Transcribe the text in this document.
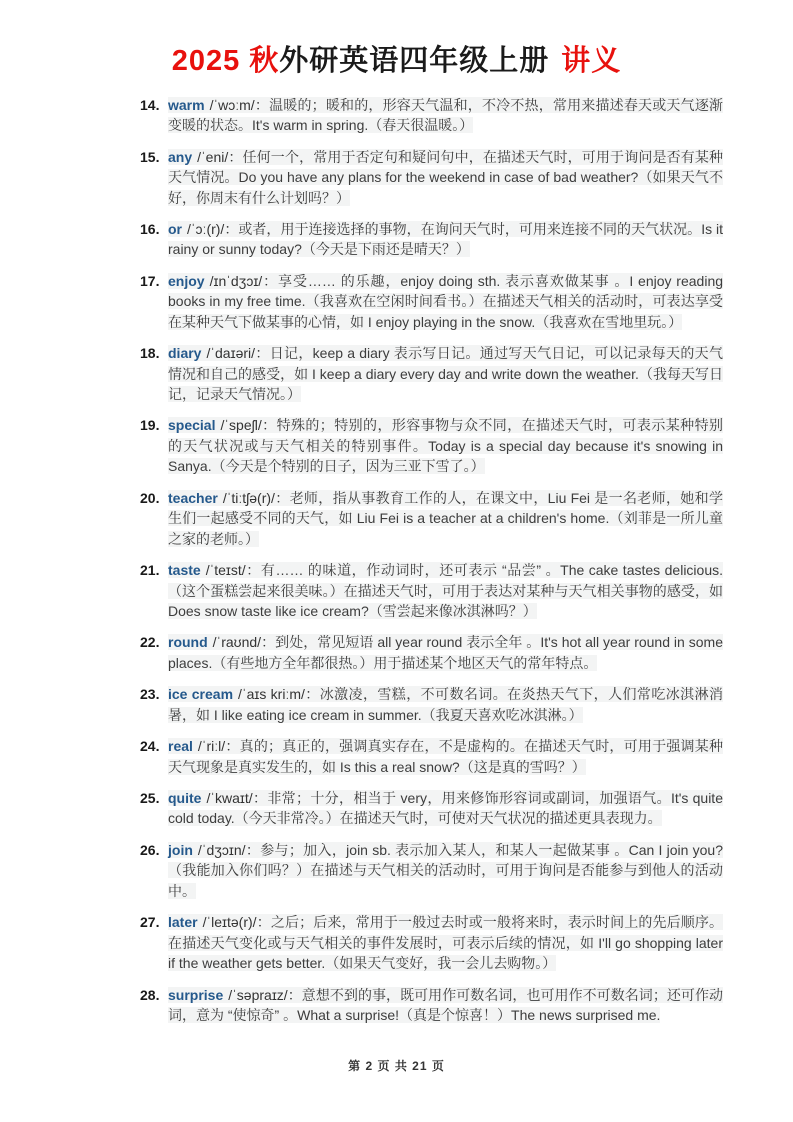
2025 秋外研英语四年级上册 讲义
14. warm /ˈwɔːm/：温暖的；暖和的，形容天气温和，不冷不热，常用来描述春天或天气逐渐变暖的状态。It's warm in spring.（春天很温暖。）
15. any /ˈeni/：任何一个，常用于否定句和疑问句中，在描述天气时，可用于询问是否有某种天气情况。Do you have any plans for the weekend in case of bad weather?（如果天气不好，你周末有什么计划吗？）
16. or /ˈɔː(r)/：或者，用于连接选择的事物，在询问天气时，可用来连接不同的天气状况。Is it rainy or sunny today?（今天是下雨还是晴天？）
17. enjoy /ɪnˈdʒɔɪ/：享受…… 的乐趣，enjoy doing sth. 表示喜欢做某事 。I enjoy reading books in my free time.（我喜欢在空闲时间看书。）在描述天气相关的活动时，可表达享受在某种天气下做某事的心情，如 I enjoy playing in the snow.（我喜欢在雪地里玩。）
18. diary /ˈdaɪəri/：日记，keep a diary 表示写日记。通过写天气日记，可以记录每天的天气情况和自己的感受，如 I keep a diary every day and write down the weather.（我每天写日记，记录天气情况。）
19. special /ˈspeʃl/：特殊的；特别的，形容事物与众不同，在描述天气时，可表示某种特别的天气状况或与天气相关的特别事件。Today is a special day because it's snowing in Sanya.（今天是个特别的日子，因为三亚下雪了。）
20. teacher /ˈtiːtʃə(r)/：老师，指从事教育工作的人，在课文中，Liu Fei 是一名老师，她和学生们一起感受不同的天气，如 Liu Fei is a teacher at a children's home.（刘菲是一所儿童之家的老师。）
21. taste /ˈteɪst/：有…… 的味道，作动词时，还可表示 “品尝” 。The cake tastes delicious.（这个蛋糕尝起来很美味。）在描述天气时，可用于表达对某种与天气相关事物的感受，如 Does snow taste like ice cream?（雪尝起来像冰淇淋吗？）
22. round /ˈraʊnd/：到处，常见短语 all year round 表示全年 。It's hot all year round in some places.（有些地方全年都很热。）用于描述某个地区天气的常年特点。
23. ice cream /ˈaɪs kriːm/：冰激凌，雪糕，不可数名词。在炎热天气下，人们常吃冰淇淋消暑，如 I like eating ice cream in summer.（我夏天喜欢吃冰淇淋。）
24. real /ˈriːl/：真的；真正的，强调真实存在，不是虚构的。在描述天气时，可用于强调某种天气现象是真实发生的，如 Is this a real snow?（这是真的雪吗？）
25. quite /ˈkwaɪt/：非常；十分，相当于 very，用来修饰形容词或副词，加强语气。It's quite cold today.（今天非常冷。）在描述天气时，可使对天气状况的描述更具表现力。
26. join /ˈdʒɔɪn/：参与；加入，join sb. 表示加入某人，和某人一起做某事 。Can I join you?（我能加入你们吗？）在描述与天气相关的活动时，可用于询问是否能参与到他人的活动中。
27. later /ˈleɪtə(r)/：之后；后来，常用于一般过去时或一般将来时，表示时间上的先后顺序。在描述天气变化或与天气相关的事件发展时，可表示后续的情况，如 I'll go shopping later if the weather gets better.（如果天气变好，我一会儿去购物。）
28. surprise /ˈsəpraɪz/：意想不到的事，既可用作可数名词，也可用作不可数名词；还可作动词，意为 “使惊奇” 。What a surprise!（真是个惊喜！）The news surprised me.
第 2 页 共 21 页
